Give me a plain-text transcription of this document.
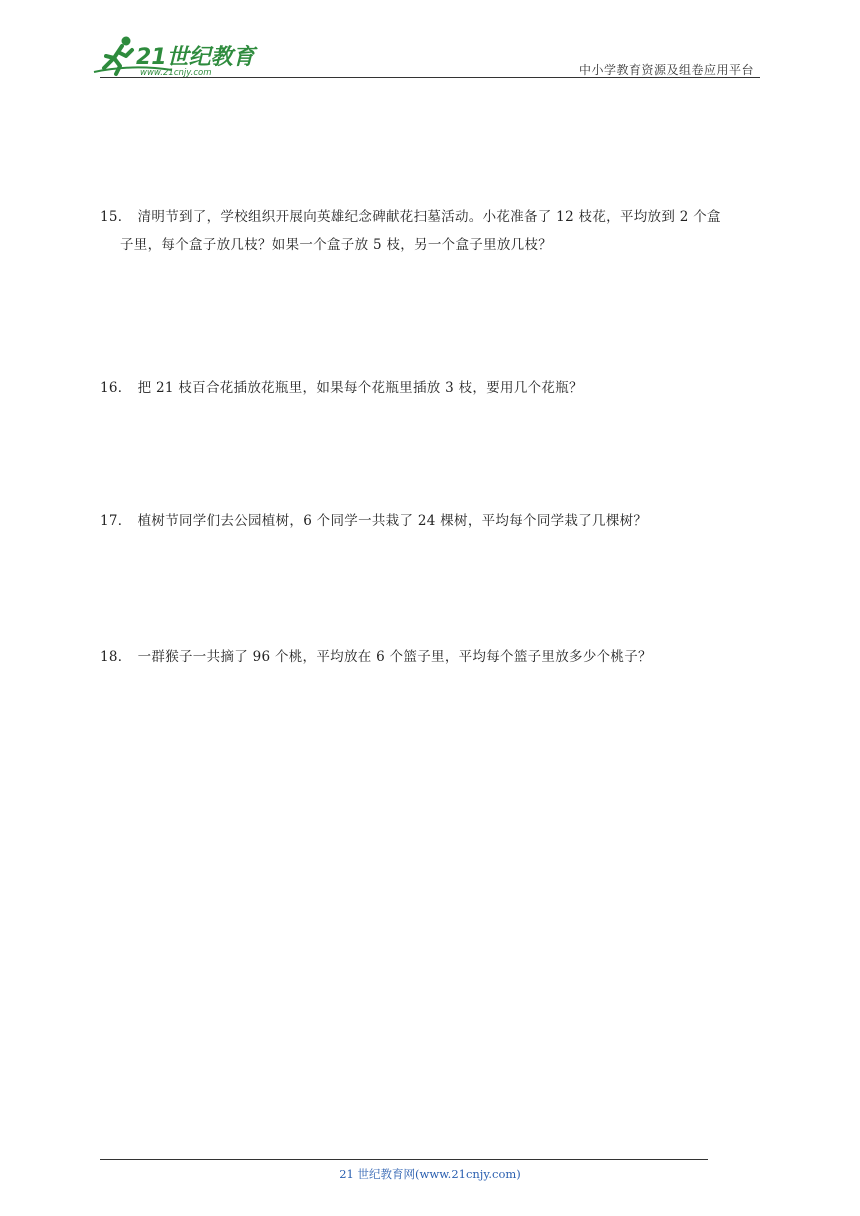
21世纪教育
www.21cnjy.com	中小学教育资源及组卷应用平台
15． 清明节到了，学校组织开展向英雄纪念碑献花扫墓活动。小花准备了 12 枝花，平均放到 2 个盒
子里，每个盒子放几枝？如果一个盒子放 5 枝，另一个盒子里放几枝？
16． 把 21 枝百合花插放花瓶里，如果每个花瓶里插放 3 枝，要用几个花瓶？
17． 植树节同学们去公园植树，6 个同学一共栽了 24 棵树，平均每个同学栽了几棵树？
18． 一群猴子一共摘了 96 个桃，平均放在 6 个篮子里，平均每个篮子里放多少个桃子？
21 世纪教育网(www.21cnjy.com)
